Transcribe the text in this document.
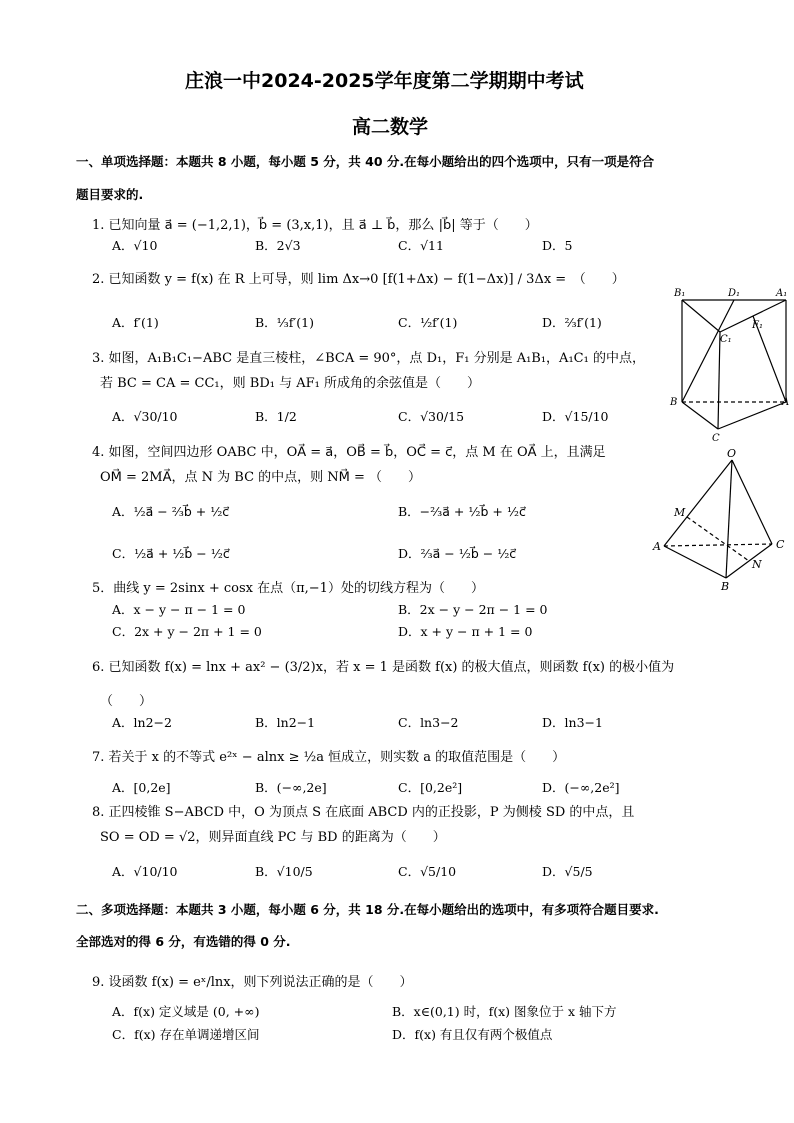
庄浪一中2024-2025学年度第二学期期中考试
高二数学
一、单项选择题：本题共 8 小题，每小题 5 分，共 40 分.在每小题给出的四个选项中，只有一项是符合
题目要求的.
1. 已知向量 a⃗ = (−1,2,1)，b⃗ = (3,x,1)，且 a⃗ ⊥ b⃗，那么 |b⃗| 等于（　　）
A．√10	B．2√3	C．√11	D．5
2. 已知函数 y = f(x) 在 R 上可导，则 lim Δx→0 [f(1+Δx) − f(1−Δx)] / 3Δx =　（　　）
A．f′(1)	B．⅓f′(1)	C．½f′(1)	D．⅔f′(1)
3. 如图，A₁B₁C₁−ABC 是直三棱柱，∠BCA = 90°，点 D₁，F₁ 分别是 A₁B₁，A₁C₁ 的中点，
若 BC = CA = CC₁，则 BD₁ 与 AF₁ 所成角的余弦值是（　　）
A．√30/10	B．1/2	C．√30/15	D．√15/10
4. 如图，空间四边形 OABC 中，OA⃗ = a⃗，OB⃗ = b⃗，OC⃗ = c⃗，点 M 在 OA⃗ 上，且满足
OM⃗ = 2MA⃗，点 N 为 BC 的中点，则 NM⃗ = （　　）
A．½a⃗ − ⅔b⃗ + ½c⃗	B．−⅔a⃗ + ½b⃗ + ½c⃗
C．½a⃗ + ½b⃗ − ½c⃗	D．⅔a⃗ − ½b⃗ − ½c⃗
5．曲线 y = 2sinx + cosx 在点（π,−1）处的切线方程为（　　）
A．x − y − π − 1 = 0	B．2x − y − 2π − 1 = 0
C．2x + y − 2π + 1 = 0	D．x + y − π + 1 = 0
6. 已知函数 f(x) = lnx + ax² − (3/2)x，若 x = 1 是函数 f(x) 的极大值点，则函数 f(x) 的极小值为
（　　）
A．ln2−2	B．ln2−1	C．ln3−2	D．ln3−1
7. 若关于 x 的不等式 e²ˣ − alnx ≥ ½a 恒成立，则实数 a 的取值范围是（　　）
A．[0,2e]	B．(−∞,2e]	C．[0,2e²]	D．(−∞,2e²]
8. 正四棱锥 S−ABCD 中，O 为顶点 S 在底面 ABCD 内的正投影，P 为侧棱 SD 的中点，且
SO = OD = √2，则异面直线 PC 与 BD 的距离为（　　）
A．√10/10	B．√10/5	C．√5/10	D．√5/5
二、多项选择题：本题共 3 小题，每小题 6 分，共 18 分.在每小题给出的选项中，有多项符合题目要求.
全部选对的得 6 分，有选错的得 0 分.
9. 设函数 f(x) = eˣ/lnx，则下列说法正确的是（　　）
A．f(x) 定义域是 (0, +∞)	B．x∈(0,1) 时，f(x) 图象位于 x 轴下方
C．f(x) 存在单调递增区间	D．f(x) 有且仅有两个极值点
B₁	D₁	A₁
C₁
F₁
B	A
C
O
M
A	C
N
B
